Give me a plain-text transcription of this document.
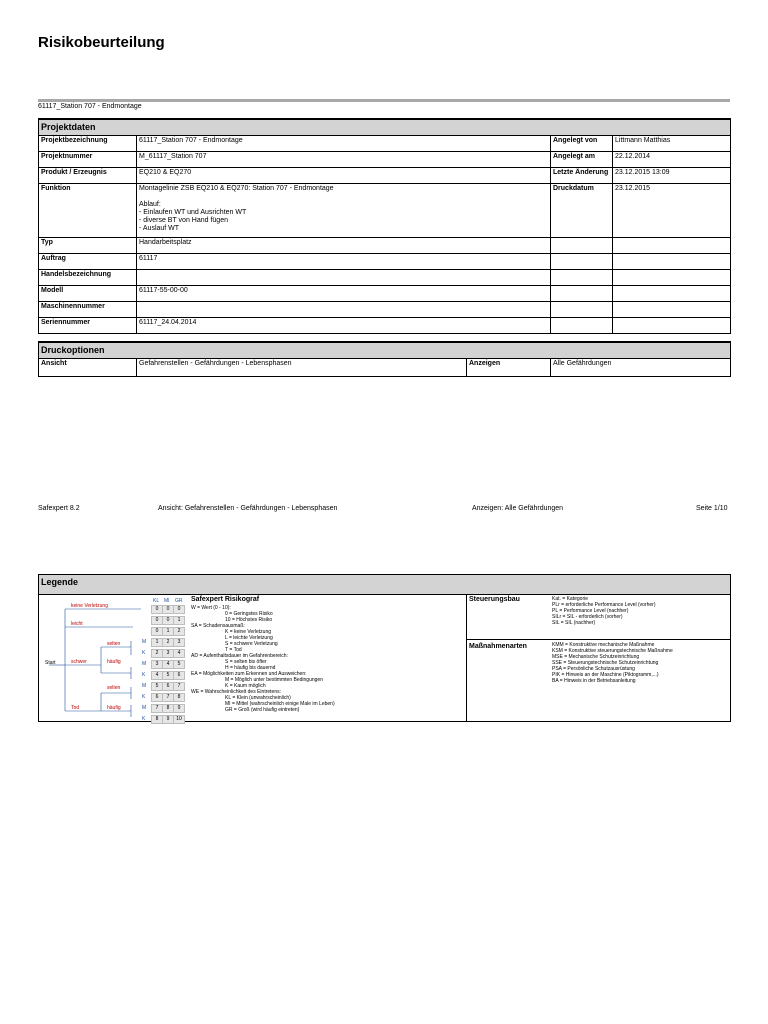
Risikobeurteilung
61117_Station 707 - Endmontage
Projektdaten			
Projektbezeichnung	61117_Station 707 - Endmontage	Angelegt von	Littmann Matthias
Projektnummer	M_61117_Station 707	Angelegt am	22.12.2014
Produkt / Erzeugnis	EQ210 & EQ270	Letzte Änderung	23.12.2015 13:09
Funktion	Montagelinie ZSB EQ210 & EQ270: Station 707 - Endmontage

Ablauf:
- Einlaufen WT und Ausrichten WT
- diverse BT von Hand fügen
- Auslauf WT	Druckdatum	23.12.2015
Typ	Handarbeitsplatz		
Auftrag	61117		
Handelsbezeichnung			
Modell	61117-55-00-00		
Maschinennummer			
Seriennummer	61117_24.04.2014		
Druckoptionen
Ansicht	Gefahrenstellen - Gefährdungen - Lebensphasen	Anzeigen	Alle Gefährdungen
Safexpert 8.2	Ansicht: Gefahrenstellen - Gefährdungen - Lebensphasen	Anzeigen: Alle Gefährdungen	Seite 1/10
Legende
Start
keine Verletzung
leicht
selten
schwer	häufig
selten
Tod	häufig
KL MI GR
M
K
M
K
M
K
M
K
0	0	0
0	0	1
0	1	2
1	2	3
2	3	4
3	4	5
4	5	6
5	6	7
6	7	8
7	8	9
8	9	10
Safexpert Risikograf
W = Wert (0 - 10):
0 = Geringstes Risiko
10 = Höchstes Risiko
SA = Schadensausmaß:
K = keine Verletzung
L = leichte Verletzung
S = schwere Verletzung
T = Tod
AD = Aufenthaltsdauer im Gefahrenbereich:
S = selten bis öfter
H = häufig bis dauernd
EA = Möglichkeiten zum Erkennen und Ausweichen:
M = Möglich unter bestimmten Bedingungen
K = Kaum möglich
WE = Wahrscheinlichkeit des Eintretens:
KL = Klein (unwahrscheinlich)
MI = Mittel (wahrscheinlich einige Male im Leben)
GR = Groß (wird häufig eintreten)
Steuerungsbau	Kat. = Kategorie
PLr = erforderliche Performance Level (vorher)
PL = Performance Level (nachher)
SILr = SIL - erforderlich (vorher)
SIL = SIL (nachher)
Maßnahmenarten	KMM = Konstruktive mechanische Maßnahme
KSM = Konstruktive steuerungstechnische Maßnahme
MSE = Mechanische Schutzeinrichtung
SSE = Steuerungstechnische Schutzeinrichtung
PSA = Persönliche Schutzausrüstung
PIK = Hinweis an der Maschine (Piktogramm,...)
BA = Hinweis in der Betriebsanleitung
